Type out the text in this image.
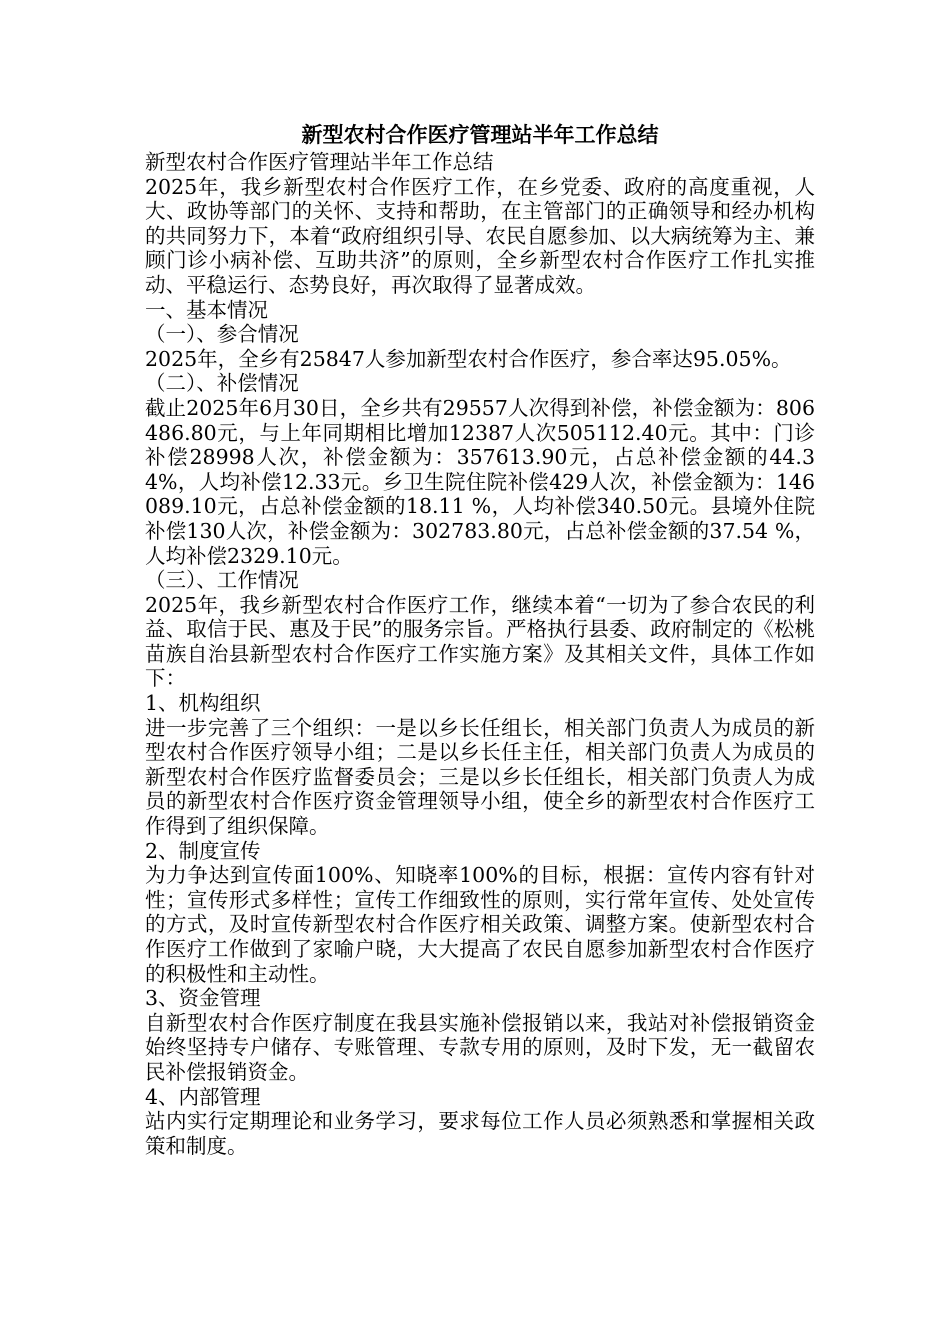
新型农村合作医疗管理站半年工作总结

新型农村合作医疗管理站半年工作总结

2025年，我乡新型农村合作医疗工作，在乡党委、政府的高度重视，人大、政协等部门的关怀、支持和帮助，在主管部门的正确领导和经办机构的共同努力下，本着“政府组织引导、农民自愿参加、以大病统筹为主、兼顾门诊小病补偿、互助共济”的原则，全乡新型农村合作医疗工作扎实推动、平稳运行、态势良好，再次取得了显著成效。

一、基本情况

（一）、参合情况

2025年，全乡有25847人参加新型农村合作医疗，参合率达95.05%。

（二）、补偿情况

截止2025年6月30日，全乡共有29557人次得到补偿，补偿金额为：806486.80元，与上年同期相比增加12387人次505112.40元。其中：门诊补偿28998人次，补偿金额为：357613.90元，占总补偿金额的44.34%，人均补偿12.33元。乡卫生院住院补偿429人次，补偿金额为：146089.10元，占总补偿金额的18.11 %，人均补偿340.50元。县境外住院补偿130人次，补偿金额为：302783.80元，占总补偿金额的37.54 %，人均补偿2329.10元。

（三）、工作情况

2025年，我乡新型农村合作医疗工作，继续本着“一切为了参合农民的利益、取信于民、惠及于民”的服务宗旨。严格执行县委、政府制定的《松桃苗族自治县新型农村合作医疗工作实施方案》及其相关文件，具体工作如下：

1、机构组织

进一步完善了三个组织：一是以乡长任组长，相关部门负责人为成员的新型农村合作医疗领导小组；二是以乡长任主任，相关部门负责人为成员的新型农村合作医疗监督委员会；三是以乡长任组长，相关部门负责人为成员的新型农村合作医疗资金管理领导小组，使全乡的新型农村合作医疗工作得到了组织保障。

2、制度宣传

为力争达到宣传面100%、知晓率100%的目标，根据：宣传内容有针对性；宣传形式多样性；宣传工作细致性的原则，实行常年宣传、处处宣传的方式，及时宣传新型农村合作医疗相关政策、调整方案。使新型农村合作医疗工作做到了家喻户晓，大大提高了农民自愿参加新型农村合作医疗的积极性和主动性。

3、资金管理

自新型农村合作医疗制度在我县实施补偿报销以来，我站对补偿报销资金始终坚持专户储存、专账管理、专款专用的原则，及时下发，无一截留农民补偿报销资金。

4、内部管理

站内实行定期理论和业务学习，要求每位工作人员必须熟悉和掌握相关政策和制度。
